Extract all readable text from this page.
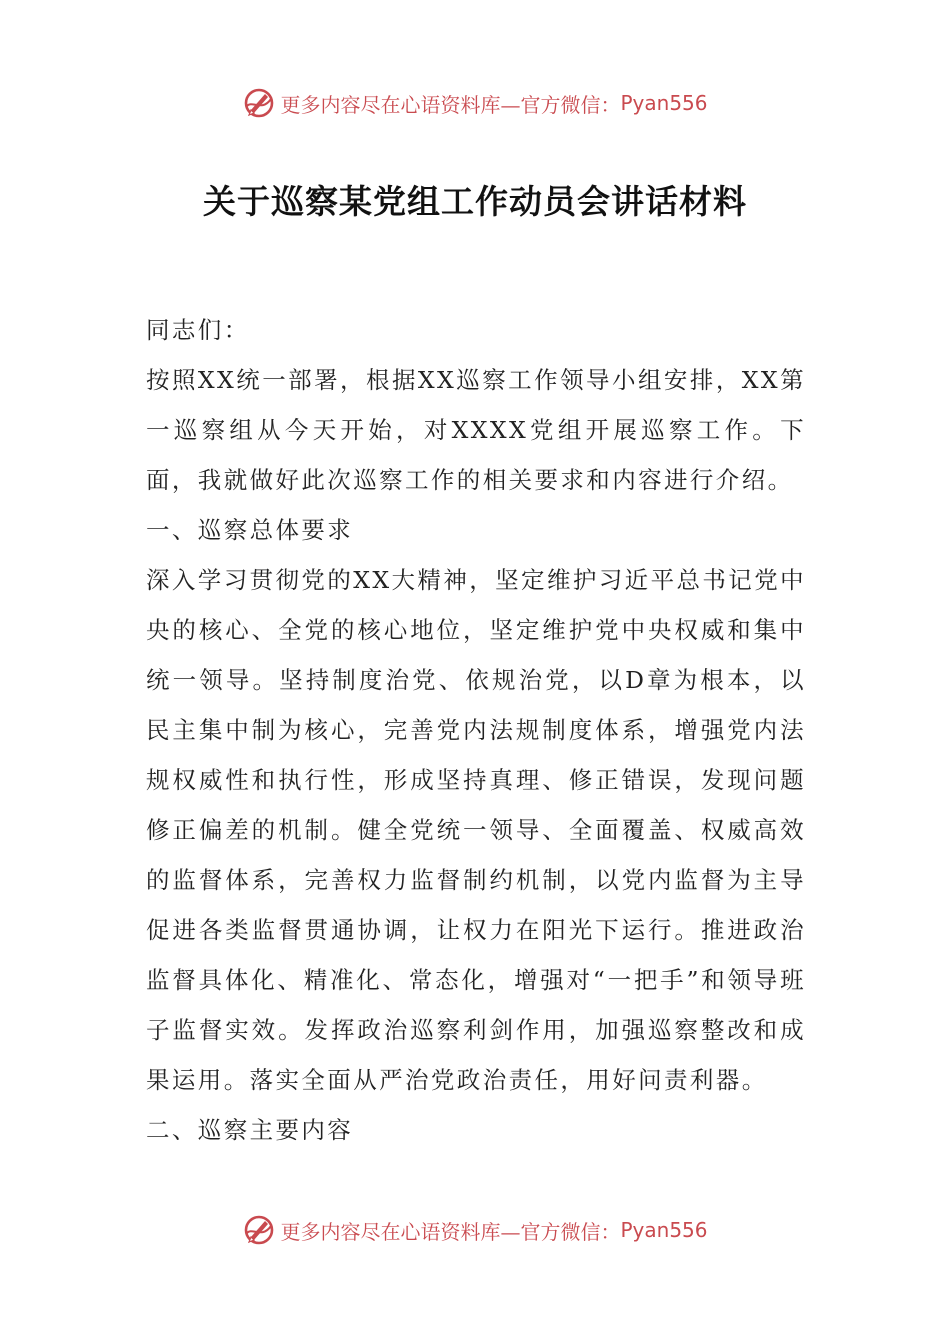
更多内容尽在心语资料库—官方微信： Pyan556
关于巡察某党组工作动员会讲话材料

同志们：

按照XX统一部署，根据XX巡察工作领导小组安排，XX第一巡察组从今天开始，对XXXX党组开展巡察工作。下面，我就做好此次巡察工作的相关要求和内容进行介绍。

一、巡察总体要求

深入学习贯彻党的XX大精神，坚定维护习近平总书记党中央的核心、全党的核心地位，坚定维护党中央权威和集中统一领导。坚持制度治党、依规治党，以D章为根本，以民主集中制为核心，完善党内法规制度体系，增强党内法规权威性和执行性，形成坚持真理、修正错误，发现问题修正偏差的机制。健全党统一领导、全面覆盖、权威高效的监督体系，完善权力监督制约机制，以党内监督为主导促进各类监督贯通协调，让权力在阳光下运行。推进政治监督具体化、精准化、常态化，增强对“一把手”和领导班子监督实效。发挥政治巡察利剑作用，加强巡察整改和成果运用。落实全面从严治党政治责任，用好问责利器。

二、巡察主要内容

更多内容尽在心语资料库—官方微信： Pyan556
